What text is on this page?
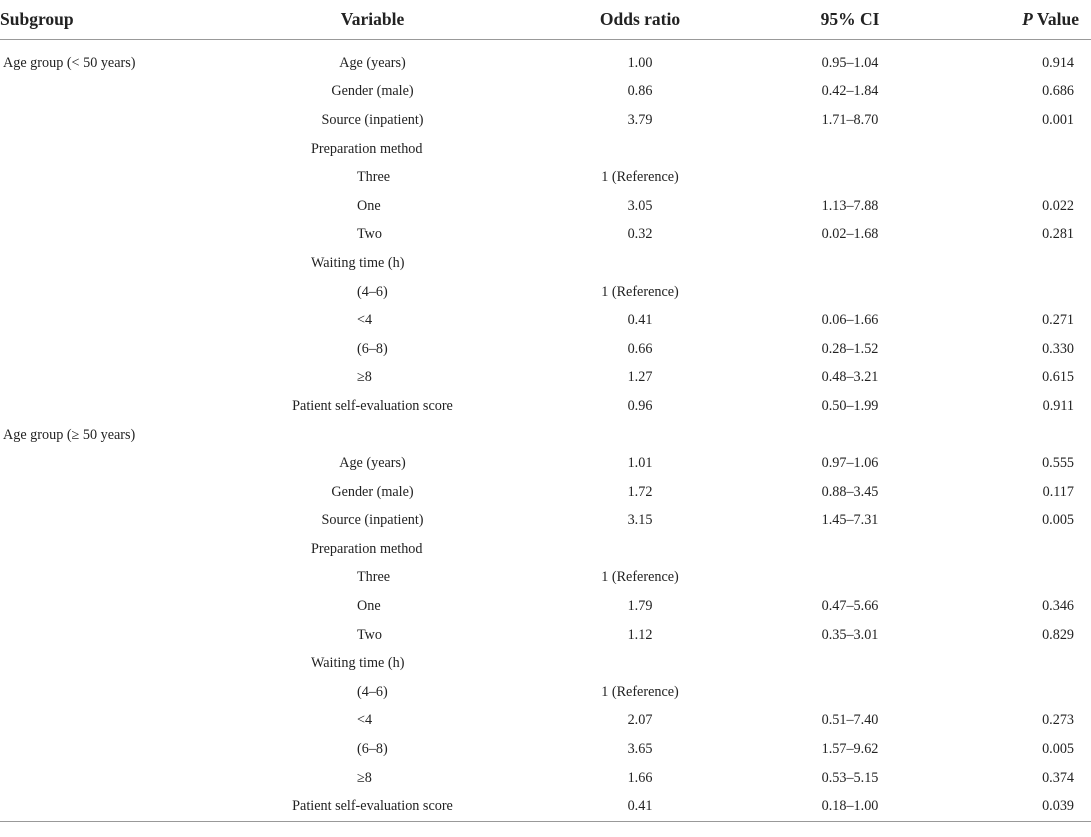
Subgroup	Variable	Odds ratio	95% CI	P Value

Age group (< 50 years)	Age (years)	1.00	0.95–1.04	0.914
	Gender (male)	0.86	0.42–1.84	0.686
	Source (inpatient)	3.79	1.71–8.70	0.001
	Preparation method			
	Three	1 (Reference)		
	One	3.05	1.13–7.88	0.022
	Two	0.32	0.02–1.68	0.281
	Waiting time (h)			
	(4–6)	1 (Reference)		
	<4	0.41	0.06–1.66	0.271
	(6–8)	0.66	0.28–1.52	0.330
	≥8	1.27	0.48–3.21	0.615
	Patient self-evaluation score	0.96	0.50–1.99	0.911
Age group (≥ 50 years)				
	Age (years)	1.01	0.97–1.06	0.555
	Gender (male)	1.72	0.88–3.45	0.117
	Source (inpatient)	3.15	1.45–7.31	0.005
	Preparation method			
	Three	1 (Reference)		
	One	1.79	0.47–5.66	0.346
	Two	1.12	0.35–3.01	0.829
	Waiting time (h)			
	(4–6)	1 (Reference)		
	<4	2.07	0.51–7.40	0.273
	(6–8)	3.65	1.57–9.62	0.005
	≥8	1.66	0.53–5.15	0.374
	Patient self-evaluation score	0.41	0.18–1.00	0.039
